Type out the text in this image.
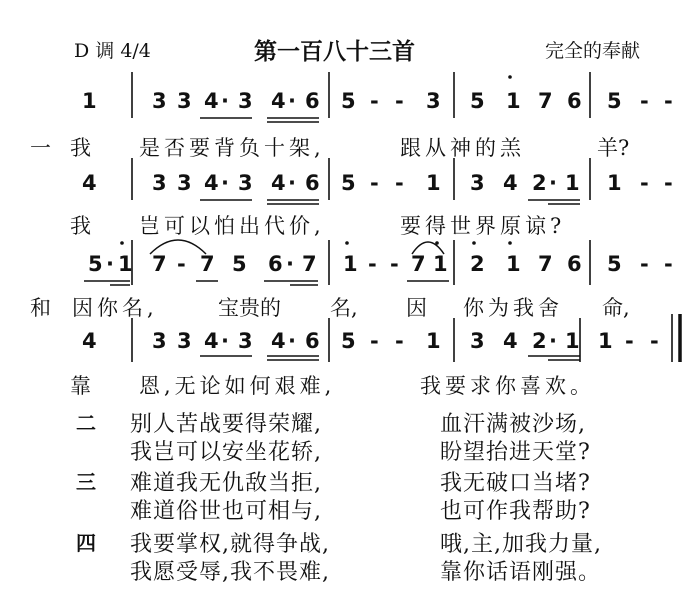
D 调 4/4	第一百八十三首	完全的奉献
1	3 3 4 · 3 4 · 6 5 - - 3 5 1 7 6 5 - -
一 我 是否要背负十架,	跟从神的羔	羊?
4	3 3 4 · 3 4 · 6 5 - - 1 3 4 2 · 1 1 - -
我 岂可以怕出代价,	要得世界原谅?
5 · 1 7 - 7 5 6 · 7 1 - - 7 1 2 1 7 6 5 - -
和 因你名,	宝贵的 名, 因 你为我舍 命,
4	3 3 4 · 3 4 · 6 5 - - 1 3 4 2 · 1 1 - -
靠 恩,无论如何艰难,	我要求你喜欢。
二 别人苦战要得荣耀,	血汗满被沙场,
我岂可以安坐花轿,	盼望抬进天堂?
三 难道我无仇敌当拒,	我无破口当堵?
难道俗世也可相与,	也可作我帮助?
四 我要掌权,就得争战,	哦,主,加我力量,
我愿受辱,我不畏难,	靠你话语刚强。
